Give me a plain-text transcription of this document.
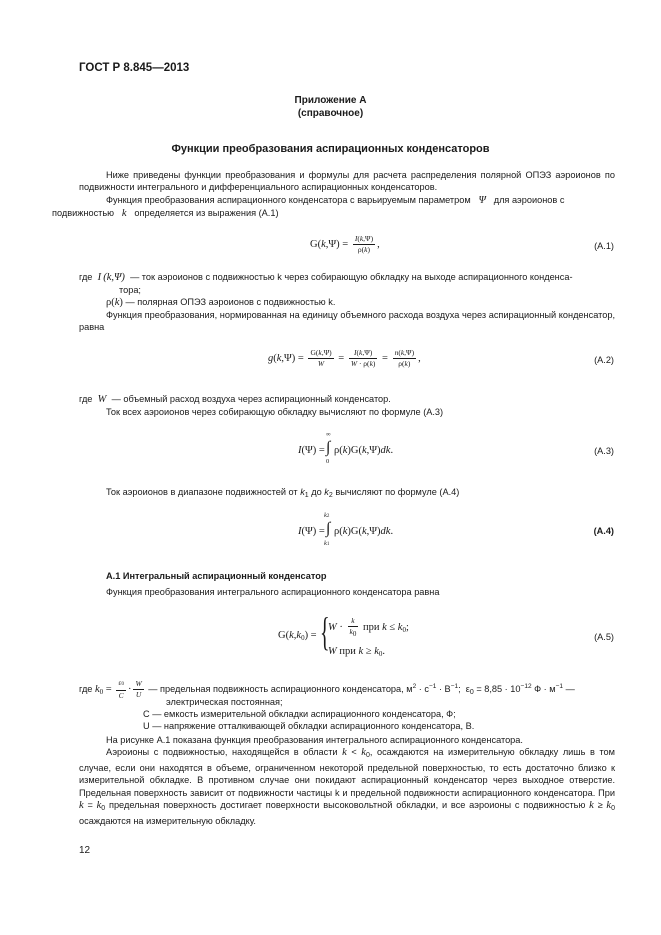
ГОСТ Р 8.845—2013
Приложение А
(справочное)
Функции преобразования аспирационных конденсаторов
Ниже приведены функции преобразования и формулы для расчета распределения полярной ОПЭЗ аэроионов по подвижности интегрального и дифференциального аспирационных конденсаторов.
Функция преобразования аспирационного конденсатора с варьируемым параметром   Ψ   для аэроионов с
подвижностью   k   определяется из выражения (А.1)
$G(k,\Psi) = \frac{I(k,\Psi)}{\rho(k)}$ ,	(А.1)
где  I (k,Ψ)  — ток аэроионов с подвижностью k через собирающую обкладку на выходе аспирационного конденса-
тора;
ρ(k) — полярная ОПЭЗ аэроионов с подвижностью k.
Функция преобразования, нормированная на единицу объемного расхода воздуха через аспирационный конденсатор, равна
$g(k,\Psi) = \frac{G(k,\Psi)}{W} = \frac{I(k,\Psi)}{W \cdot \rho(k)} = \frac{n(k,\Psi)}{\rho(k)}$ ,	(А.2)
где  W  — объемный расход воздуха через аспирационный конденсатор.
Ток всех аэроионов через собирающую обкладку вычисляют по формуле (А.3)
∞
I(Ψ) = ∫
0
ρ(k)G(k,Ψ)dk.	(А.3)
Ток аэроионов в диапазоне подвижностей от $k_1$ до $k_2$ вычисляют по формуле (А.4)
k2
I(Ψ) = ∫
k1
ρ(k)G(k,Ψ)dk.	(А.4)
А.1 Интегральный аспирационный конденсатор
Функция преобразования интегрального аспирационного конденсатора равна
$G(k,k_0)$ = {
$W \cdot \frac{k}{k0}$ при $k \le k_0$;
W при $k \ge k_0$.
(А.5)
где $k_0 = \frac{\varepsilon 0}{C} \cdot \frac{W}{U}$ — предельная подвижность аспирационного конденсатора, $м^2 \cdot с^{-1} \cdot В^{-1}$;  $\varepsilon_0 = 8,85 \cdot 10^{-12}$ $Ф \cdot м^{-1}$ —
электрическая постоянная;
C — емкость измерительной обкладки аспирационного конденсатора, Ф;
U — напряжение отталкивающей обкладки аспирационного конденсатора, В.
На рисунке А.1 показана функция преобразования интегрального аспирационного конденсатора.
Аэроионы с подвижностью, находящейся в области $k < k_0$, осаждаются на измерительную обкладку лишь в том случае, если они находятся в объеме, ограниченном некоторой предельной поверхностью, то есть достаточно близко к измерительной обкладке. В противном случае они покидают аспирационный конденсатор через выходное отверстие. Предельная поверхность зависит от подвижности частицы k и предельной подвижности аспирационного конденсатора. При $k = k_0$ предельная поверхность достигает поверхности высоковольтной обкладки, и все аэроионы с подвижностью $k \ge k_0$ осаждаются на измерительную обкладку.
12
